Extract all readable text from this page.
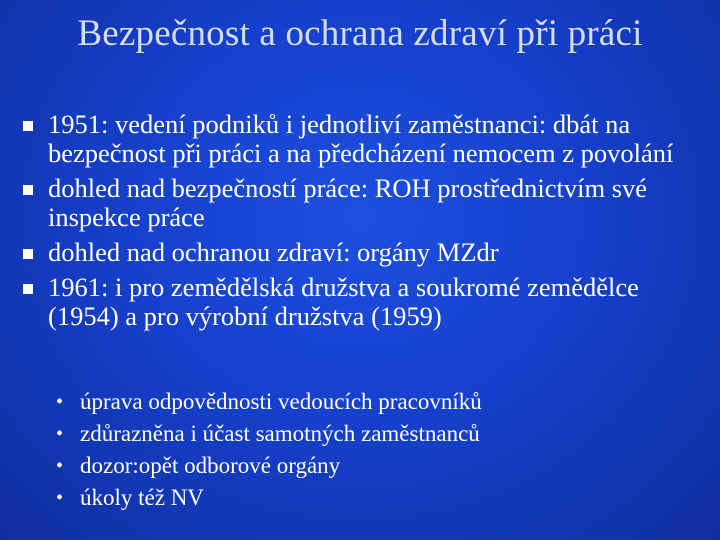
Bezpečnost a ochrana zdraví při práci
1951: vedení podniků i jednotliví zaměstnanci: dbát na bezpečnost při práci a na předcházení nemocem z povolání
dohled nad bezpečností práce: ROH prostřednictvím své inspekce práce
dohled nad ochranou zdraví: orgány MZdr
1961: i pro zemědělská družstva a soukromé zemědělce (1954) a pro výrobní družstva (1959)
• úprava odpovědnosti vedoucích pracovníků
• zdůrazněna i účast samotných zaměstnanců
• dozor:opět odborové orgány
• úkoly též NV
